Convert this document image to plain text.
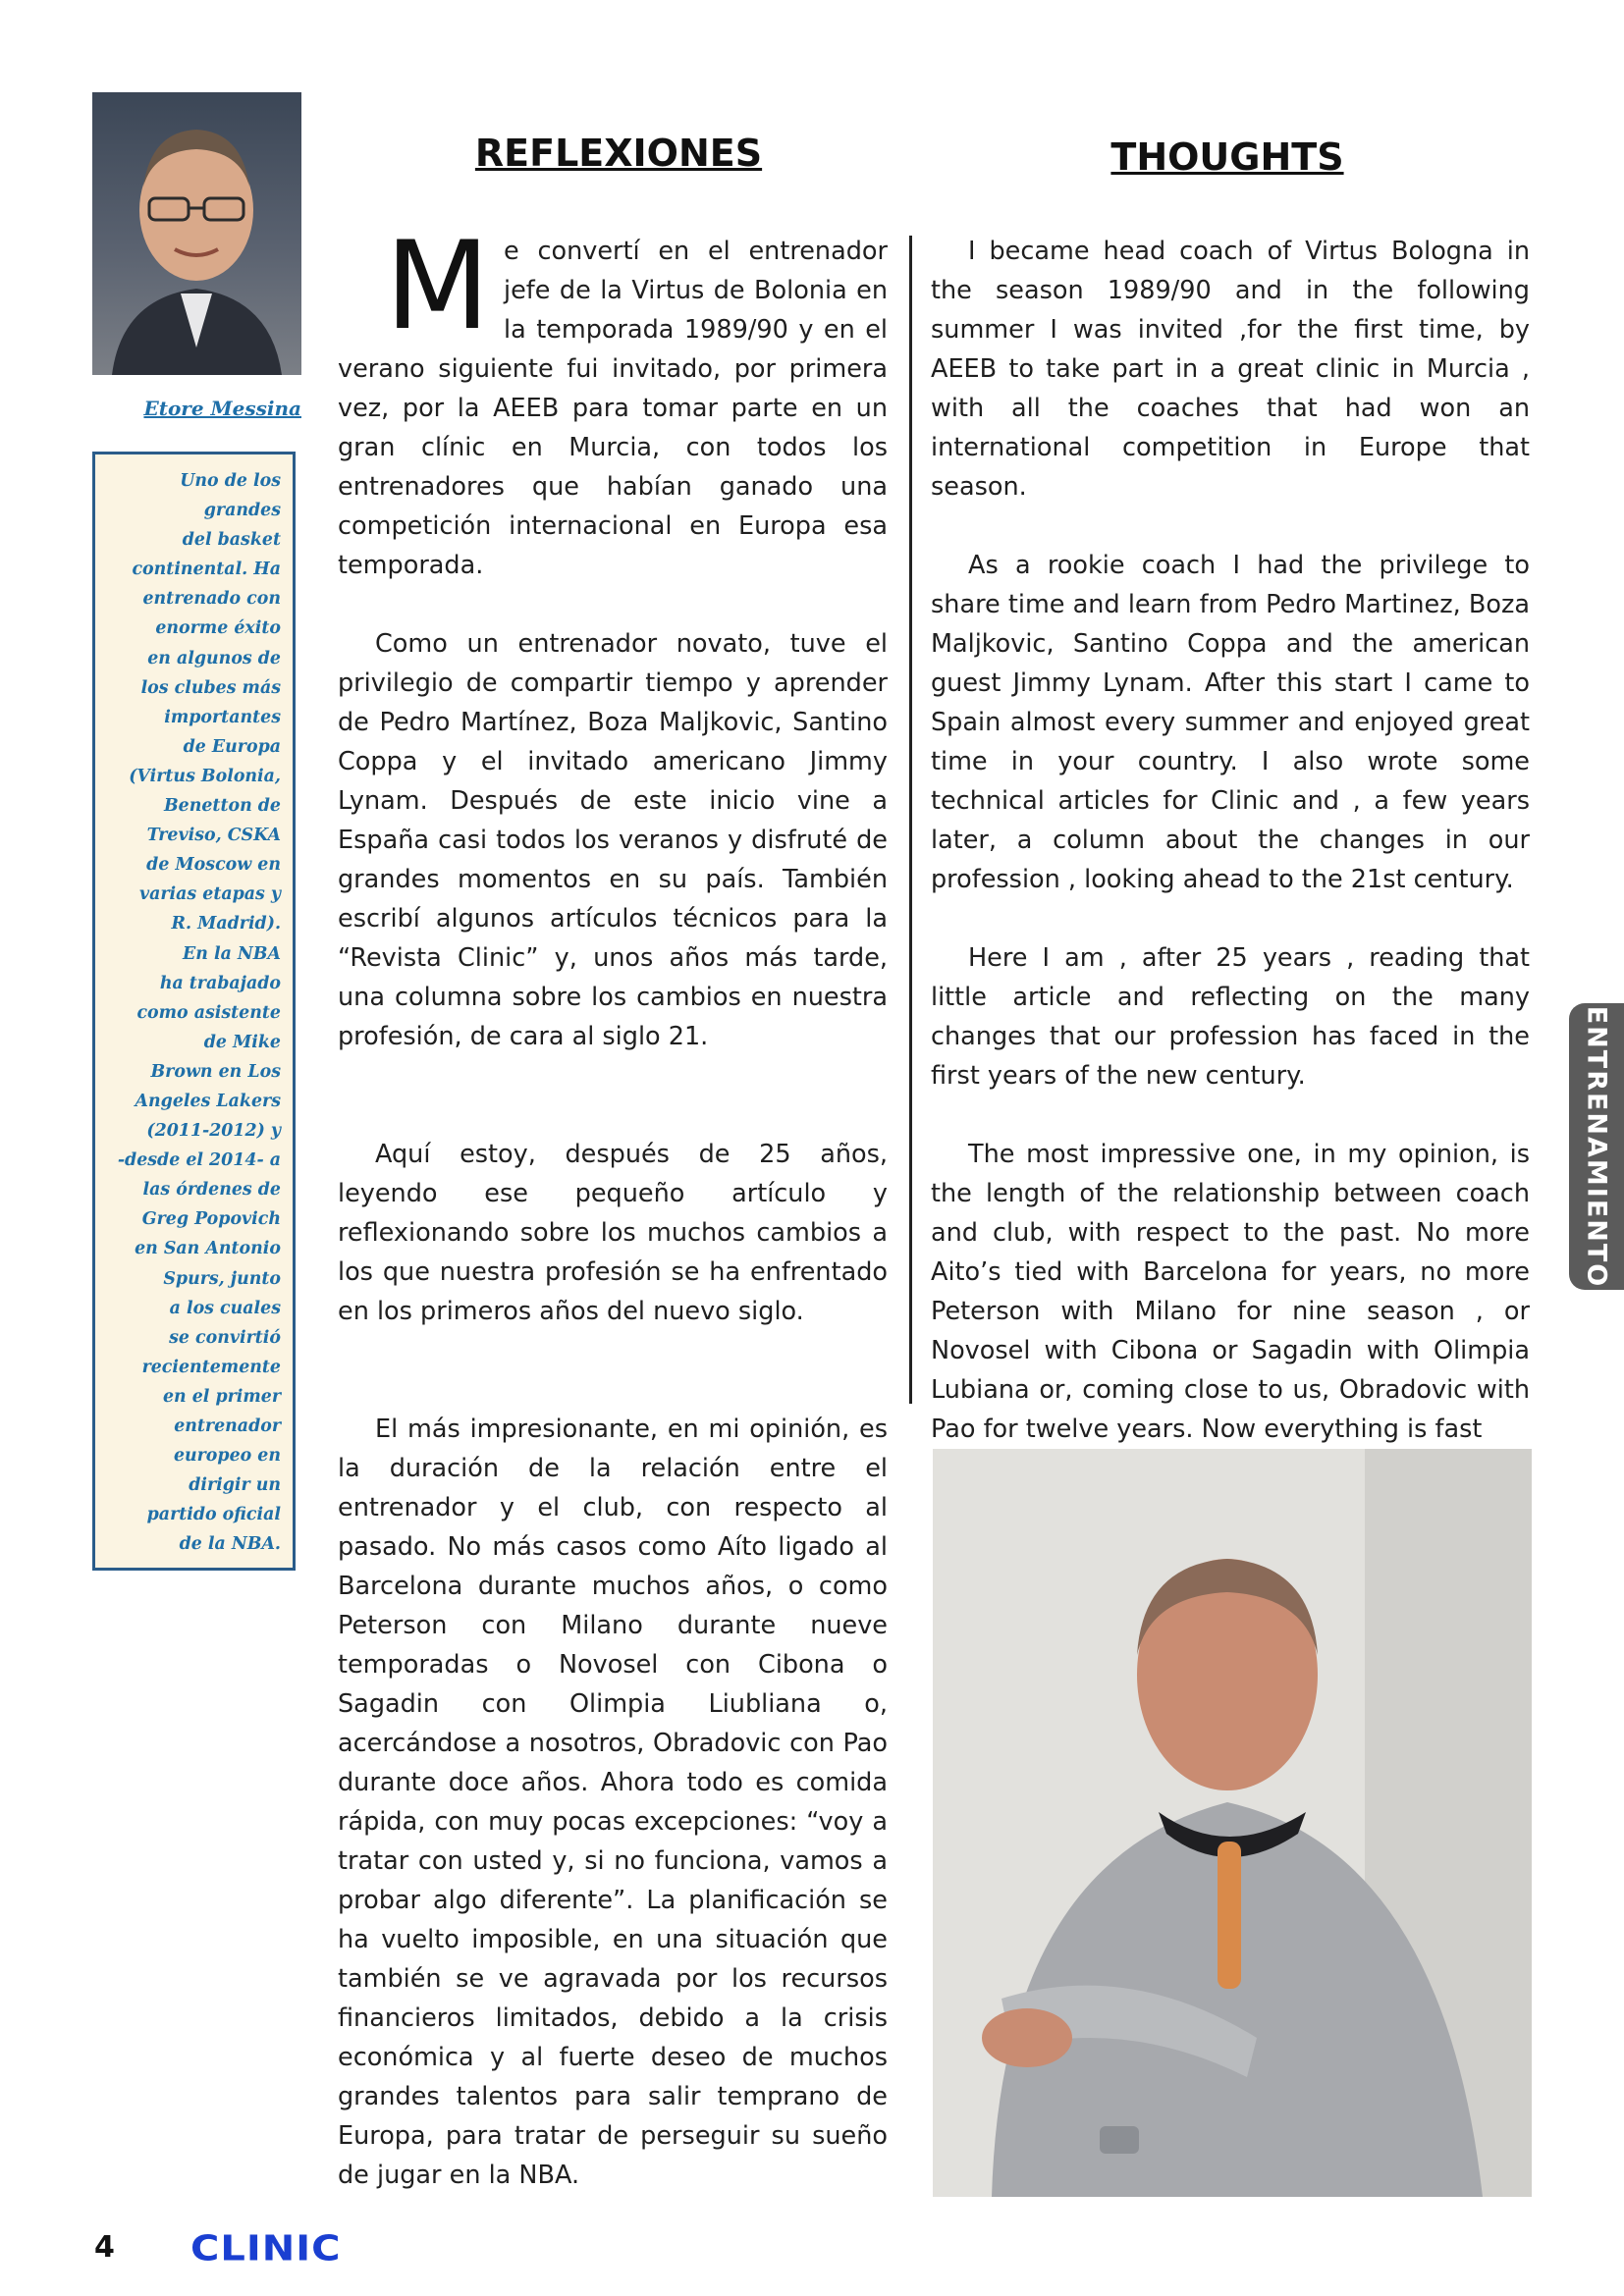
Etore Messina

Uno de los
grandes
del basket
continental. Ha
entrenado con
enorme éxito
en algunos de
los clubes más
importantes
de Europa
(Virtus Bolonia,
Benetton de
Treviso, CSKA
de Moscow en
varias etapas y
R. Madrid).
En la NBA
ha trabajado
como asistente
de Mike
Brown en Los
Angeles Lakers
(2011-2012) y
-desde el 2014- a
las órdenes de
Greg Popovich
en San Antonio
Spurs, junto
a los cuales
se convirtió
recientemente
en el primer
entrenador
europeo en
dirigir un
partido oficial
de la NBA.

REFLEXIONES	THOUGHTS

Me convertí en el entrenador jefe de la Virtus de Bolonia en la temporada 1989/90 y en el verano siguiente fui invitado, por primera vez, por la AEEB para tomar parte en un gran clínic en Murcia, con todos los entrenadores que habían ganado una competición internacional en Europa esa temporada.

Como un entrenador novato, tuve el privilegio de compartir tiempo y aprender de Pedro Martínez, Boza Maljkovic, Santino Coppa y el invitado americano Jimmy Lynam. Después de este inicio vine a España casi todos los veranos y disfruté de grandes momentos en su país. También escribí algunos artículos técnicos para la “Revista Clinic” y, unos años más tarde, una columna sobre los cambios en nuestra profesión, de cara al siglo 21.

Aquí estoy, después de 25 años, leyendo ese pequeño artículo y reflexionando sobre los muchos cambios a los que nuestra profesión se ha enfrentado en los primeros años del nuevo siglo.

El más impresionante, en mi opinión, es la duración de la relación entre el entrenador y el club, con respecto al pasado. No más casos como Aíto ligado al Barcelona durante muchos años, o como Peterson con Milano durante nueve temporadas o Novosel con Cibona o Sagadin con Olimpia Liubliana o, acercándose a nosotros, Obradovic con Pao durante doce años. Ahora todo es comida rápida, con muy pocas excepciones: “voy a tratar con usted y, si no funciona, vamos a probar algo diferente”. La planificación se ha vuelto imposible, en una situación que también se ve agravada por los recursos financieros limitados, debido a la crisis económica y al fuerte deseo de muchos grandes talentos para salir temprano de Europa, para tratar de perseguir su sueño de jugar en la NBA.

I became head coach of Virtus Bologna in the season 1989/90 and in the following summer I was invited ,for the first time, by AEEB to take part in a great clinic in Murcia , with all the coaches that had won an international competition in Europe that season.

As a rookie coach I had the privilege to share time and learn from Pedro Martinez, Boza Maljkovic, Santino Coppa and the american guest Jimmy Lynam. After this start I came to Spain almost every summer and enjoyed great time in your country. I also wrote some technical articles for Clinic and , a few years later, a column about the changes in our profession , looking ahead to the 21st century.

Here I am , after 25 years , reading that little article and reflecting on the many changes that our profession has faced in the first years of the new century.

The most impressive one, in my opinion, is the length of the relationship between coach and club, with respect to the past. No more Aito’s tied with Barcelona for years, no more Peterson with Milano for nine season , or Novosel with Cibona or Sagadin with Olimpia Lubiana or, coming close to us, Obradovic with Pao for twelve years. Now everything is fast

ENTRENAMIENTO
4 CLINIC
